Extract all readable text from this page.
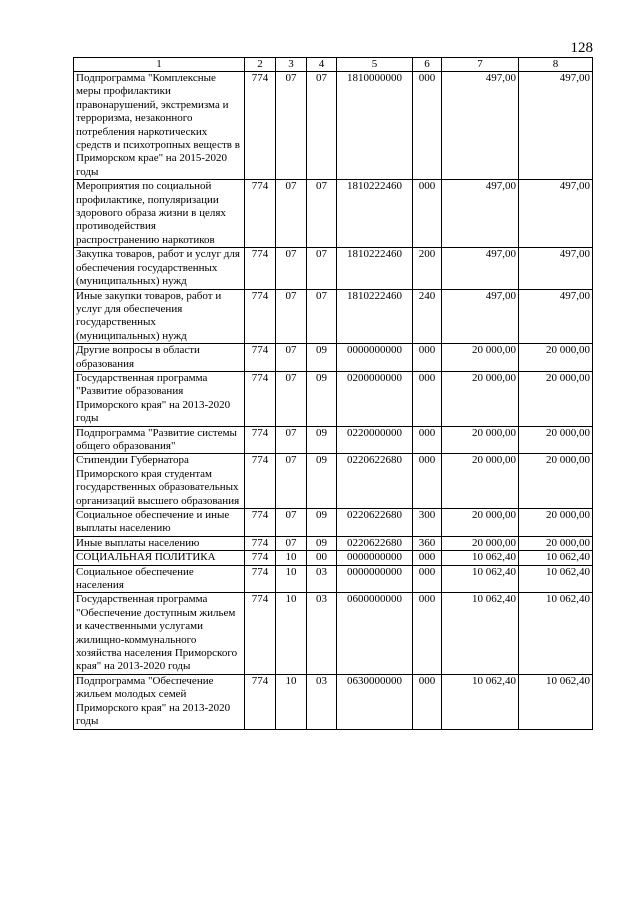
128
1	2	3	4	5	6	7	8
Подпрограмма "Комплексные меры профилактики правонарушений, экстремизма и терроризма, незаконного потребления наркотических средств и психотропных веществ в Приморском крае" на 2015-2020 годы	774	07	07	1810000000	000	497,00	497,00
Мероприятия по социальной профилактике, популяризации здорового образа жизни в целях противодействия распространению наркотиков	774	07	07	1810222460	000	497,00	497,00
Закупка товаров, работ и услуг для обеспечения государственных (муниципальных) нужд	774	07	07	1810222460	200	497,00	497,00
Иные закупки товаров, работ и услуг для обеспечения государственных (муниципальных) нужд	774	07	07	1810222460	240	497,00	497,00
Другие вопросы в области образования	774	07	09	0000000000	000	20 000,00	20 000,00
Государственная программа "Развитие образования Приморского края" на 2013-2020 годы	774	07	09	0200000000	000	20 000,00	20 000,00
Подпрограмма "Развитие системы общего образования"	774	07	09	0220000000	000	20 000,00	20 000,00
Стипендии Губернатора Приморского края студентам государственных образовательных организаций высшего образования	774	07	09	0220622680	000	20 000,00	20 000,00
Социальное обеспечение и иные выплаты населению	774	07	09	0220622680	300	20 000,00	20 000,00
Иные выплаты населению	774	07	09	0220622680	360	20 000,00	20 000,00
СОЦИАЛЬНАЯ ПОЛИТИКА	774	10	00	0000000000	000	10 062,40	10 062,40
Социальное обеспечение населения	774	10	03	0000000000	000	10 062,40	10 062,40
Государственная программа "Обеспечение доступным жильем и качественными услугами жилищно-коммунального хозяйства населения Приморского края" на 2013-2020 годы	774	10	03	0600000000	000	10 062,40	10 062,40
Подпрограмма "Обеспечение жильем молодых семей Приморского края" на 2013-2020 годы	774	10	03	0630000000	000	10 062,40	10 062,40
